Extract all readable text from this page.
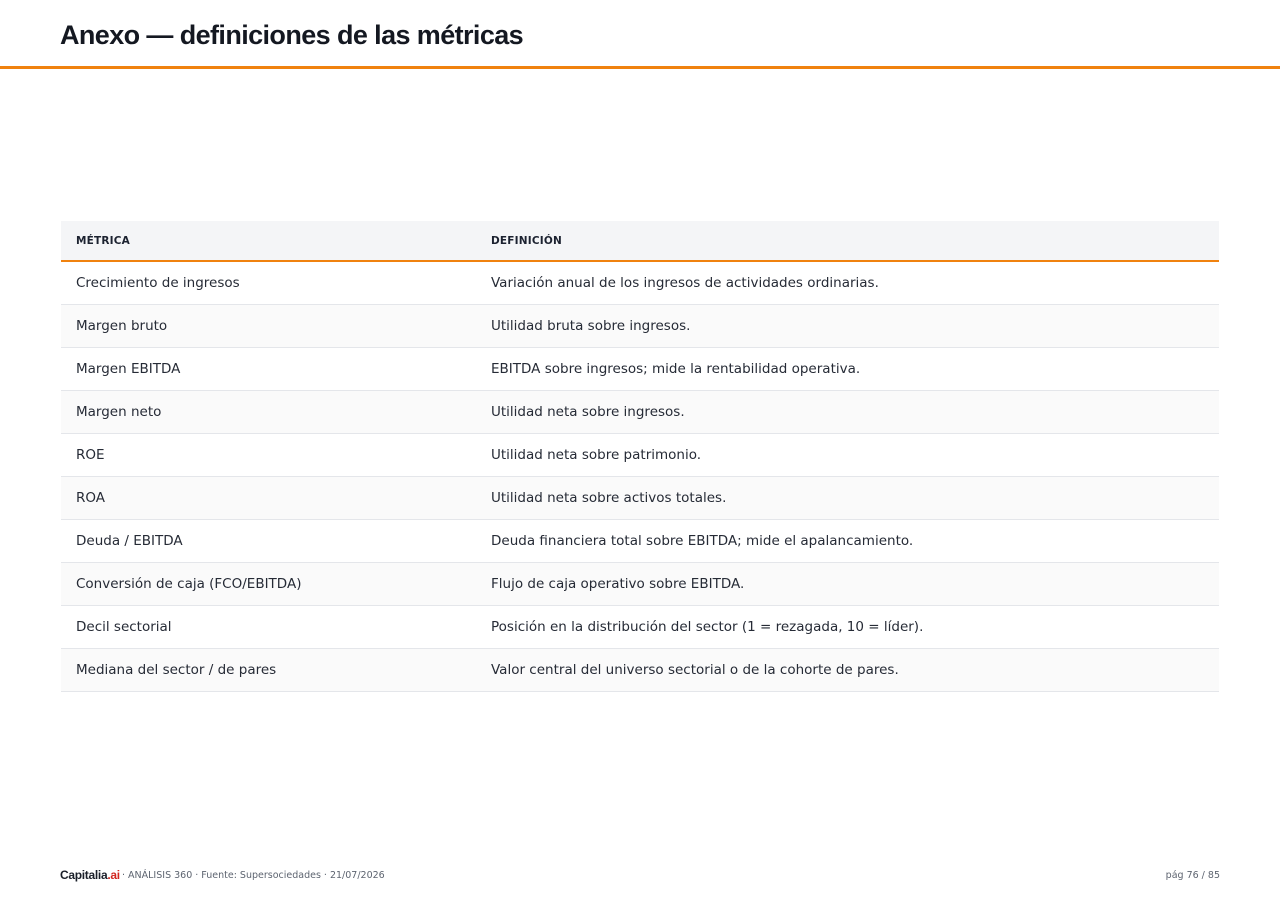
Anexo — definiciones de las métricas
MÉTRICA	DEFINICIÓN
Crecimiento de ingresos	Variación anual de los ingresos de actividades ordinarias.
Margen bruto	Utilidad bruta sobre ingresos.
Margen EBITDA	EBITDA sobre ingresos; mide la rentabilidad operativa.
Margen neto	Utilidad neta sobre ingresos.
ROE	Utilidad neta sobre patrimonio.
ROA	Utilidad neta sobre activos totales.
Deuda / EBITDA	Deuda financiera total sobre EBITDA; mide el apalancamiento.
Conversión de caja (FCO/EBITDA)	Flujo de caja operativo sobre EBITDA.
Decil sectorial	Posición en la distribución del sector (1 = rezagada, 10 = líder).
Mediana del sector / de pares	Valor central del universo sectorial o de la cohorte de pares.
Capitalia.ai · ANÁLISIS 360 · Fuente: Supersociedades · 21/07/2026	pág 76 / 85
